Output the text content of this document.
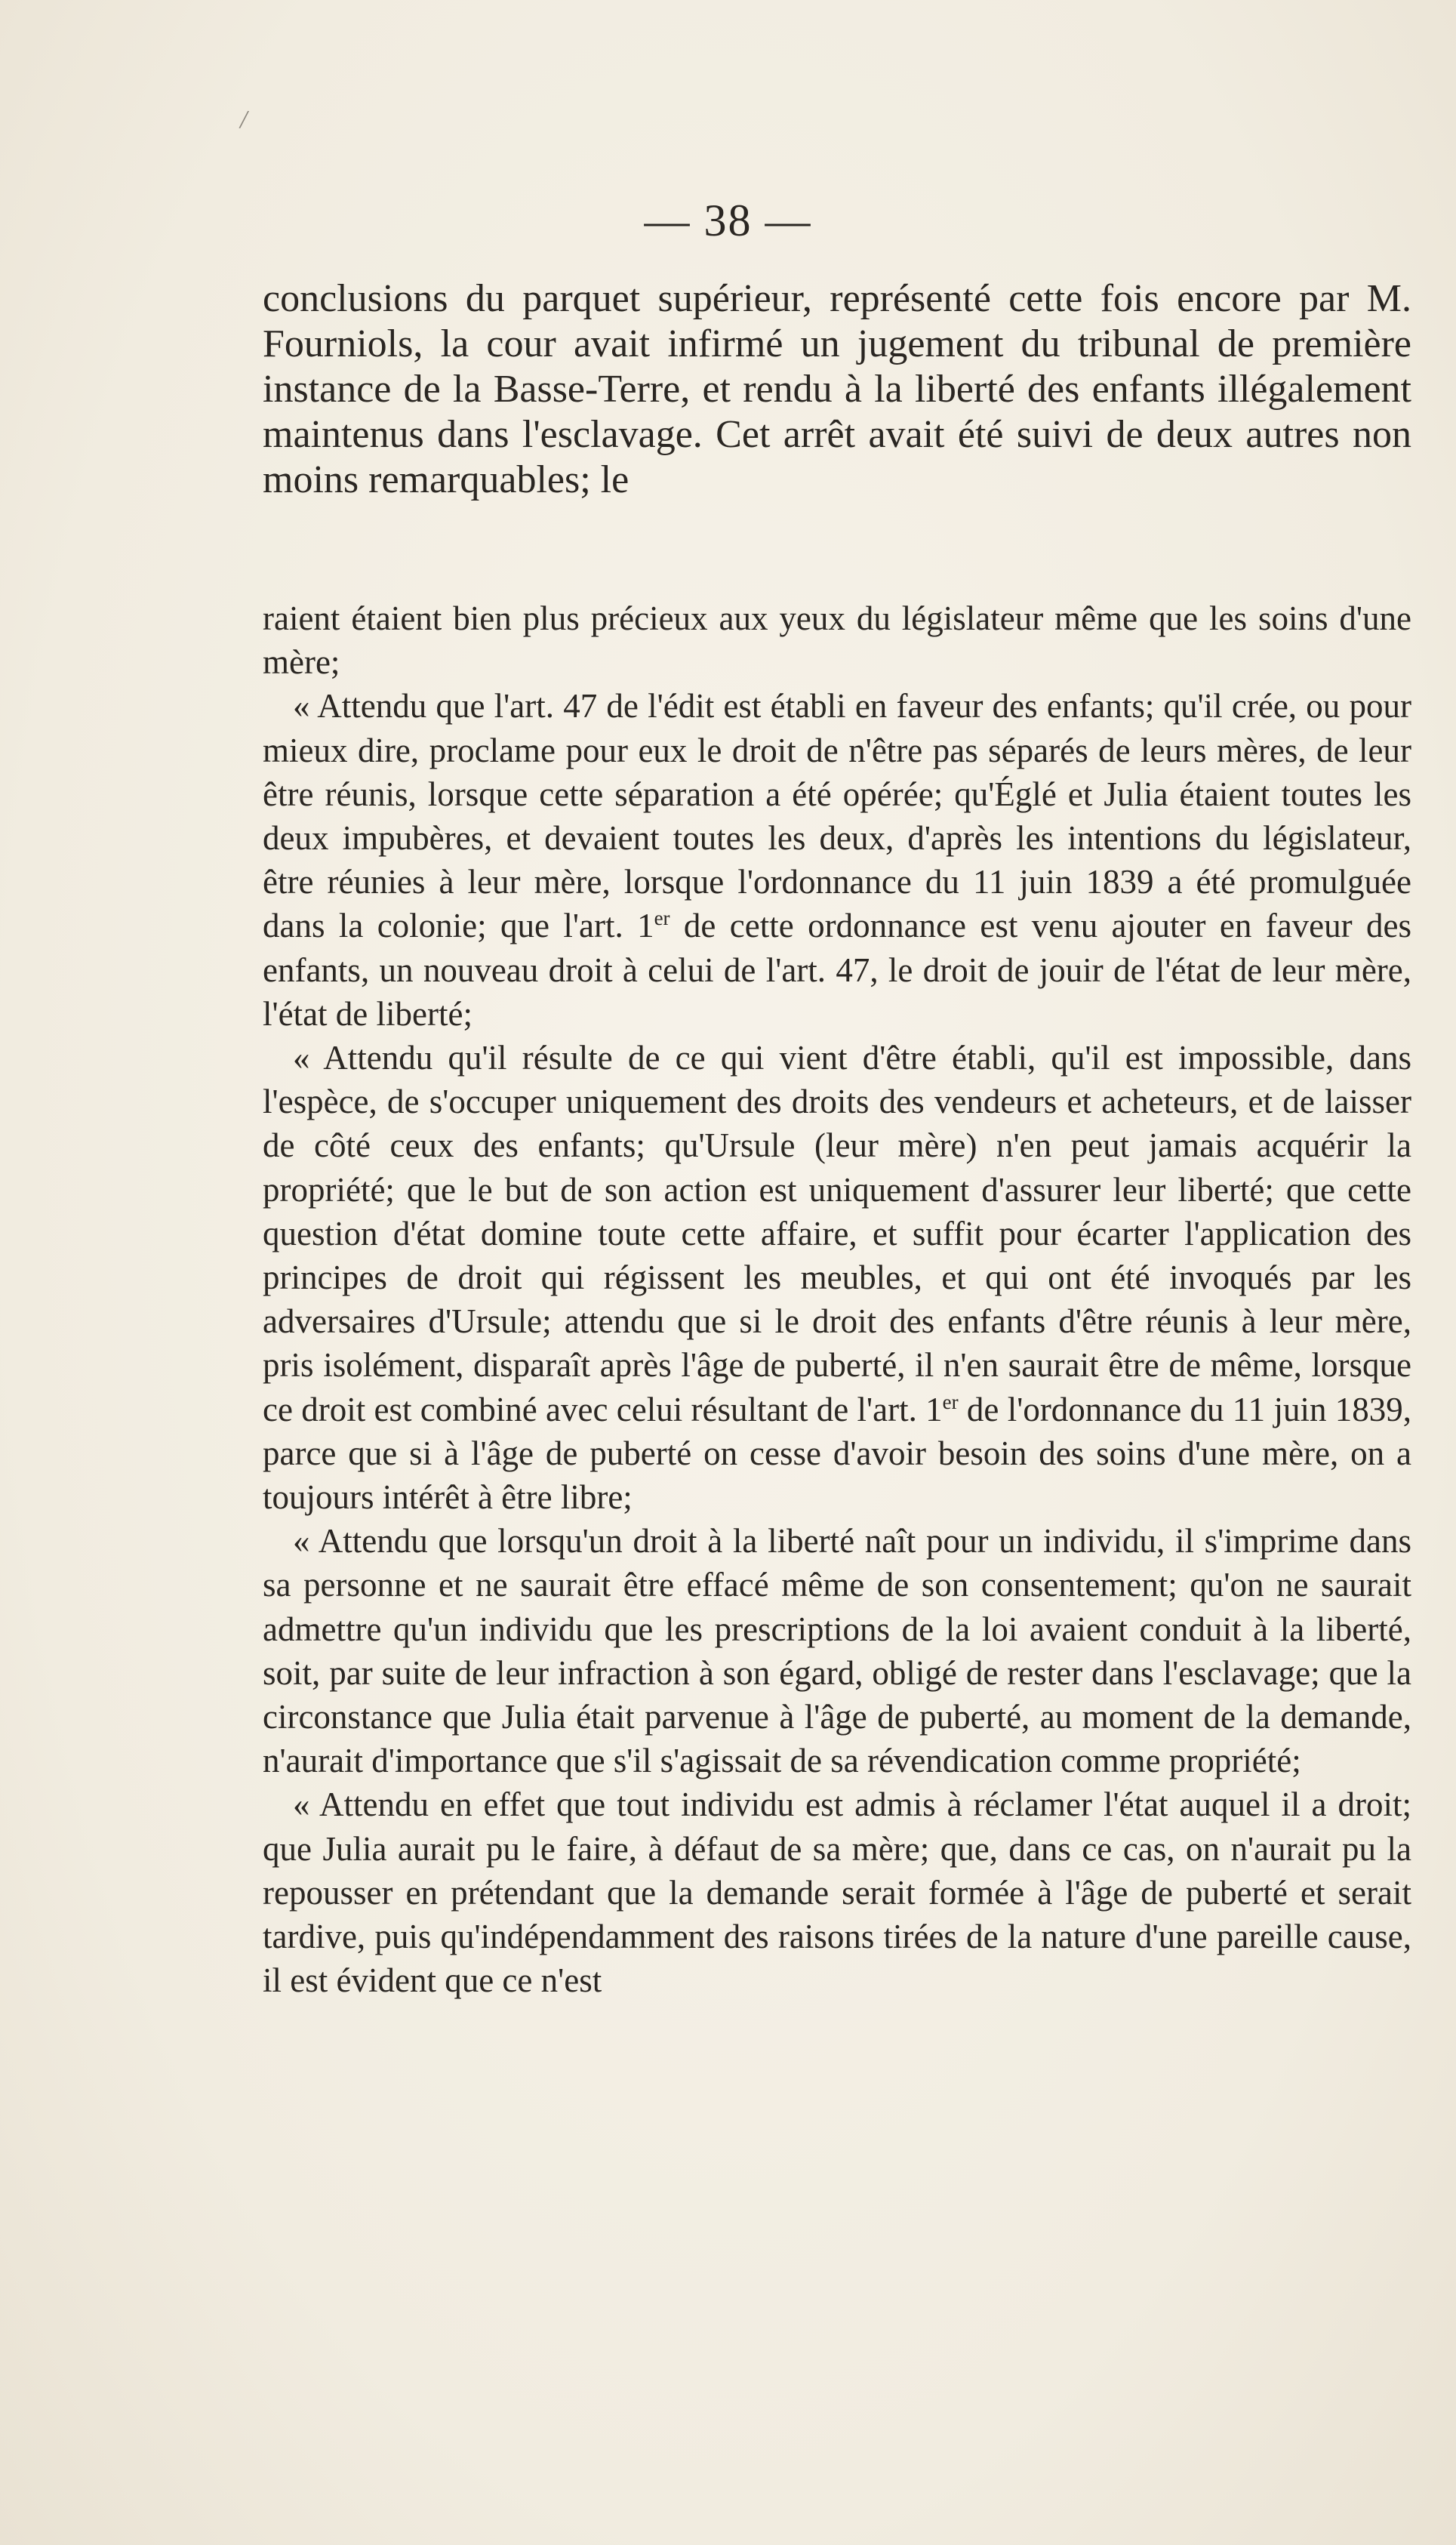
/
— 38 —

conclusions du parquet supérieur, représenté cette fois encore par M. Fourniols, la cour avait infirmé un jugement du tribunal de première instance de la Basse-Terre, et rendu à la liberté des enfants illégalement maintenus dans l'esclavage. Cet arrêt avait été suivi de deux autres non moins remarquables; le

raient étaient bien plus précieux aux yeux du législateur même que les soins d'une mère;

« Attendu que l'art. 47 de l'édit est établi en faveur des enfants; qu'il crée, ou pour mieux dire, proclame pour eux le droit de n'être pas séparés de leurs mères, de leur être réunis, lorsque cette séparation a été opérée; qu'Églé et Julia étaient toutes les deux impubères, et devaient toutes les deux, d'après les intentions du législateur, être réunies à leur mère, lorsque l'ordonnance du 11 juin 1839 a été promulguée dans la colonie; que l'art. 1er de cette ordonnance est venu ajouter en faveur des enfants, un nouveau droit à celui de l'art. 47, le droit de jouir de l'état de leur mère, l'état de liberté;

« Attendu qu'il résulte de ce qui vient d'être établi, qu'il est impossible, dans l'espèce, de s'occuper uniquement des droits des vendeurs et acheteurs, et de laisser de côté ceux des enfants; qu'Ursule (leur mère) n'en peut jamais acquérir la propriété; que le but de son action est uniquement d'assurer leur liberté; que cette question d'état domine toute cette affaire, et suffit pour écarter l'application des principes de droit qui régissent les meubles, et qui ont été invoqués par les adversaires d'Ursule; attendu que si le droit des enfants d'être réunis à leur mère, pris isolément, disparaît après l'âge de puberté, il n'en saurait être de même, lorsque ce droit est combiné avec celui résultant de l'art. 1er de l'ordonnance du 11 juin 1839, parce que si à l'âge de puberté on cesse d'avoir besoin des soins d'une mère, on a toujours intérêt à être libre;

« Attendu que lorsqu'un droit à la liberté naît pour un individu, il s'imprime dans sa personne et ne saurait être effacé même de son consentement; qu'on ne saurait admettre qu'un individu que les prescriptions de la loi avaient conduit à la liberté, soit, par suite de leur infraction à son égard, obligé de rester dans l'esclavage; que la circonstance que Julia était parvenue à l'âge de puberté, au moment de la demande, n'aurait d'importance que s'il s'agissait de sa révendication comme propriété;

« Attendu en effet que tout individu est admis à réclamer l'état auquel il a droit; que Julia aurait pu le faire, à défaut de sa mère; que, dans ce cas, on n'aurait pu la repousser en prétendant que la demande serait formée à l'âge de puberté et serait tardive, puis qu'indépendamment des raisons tirées de la nature d'une pareille cause, il est évident que ce n'est
